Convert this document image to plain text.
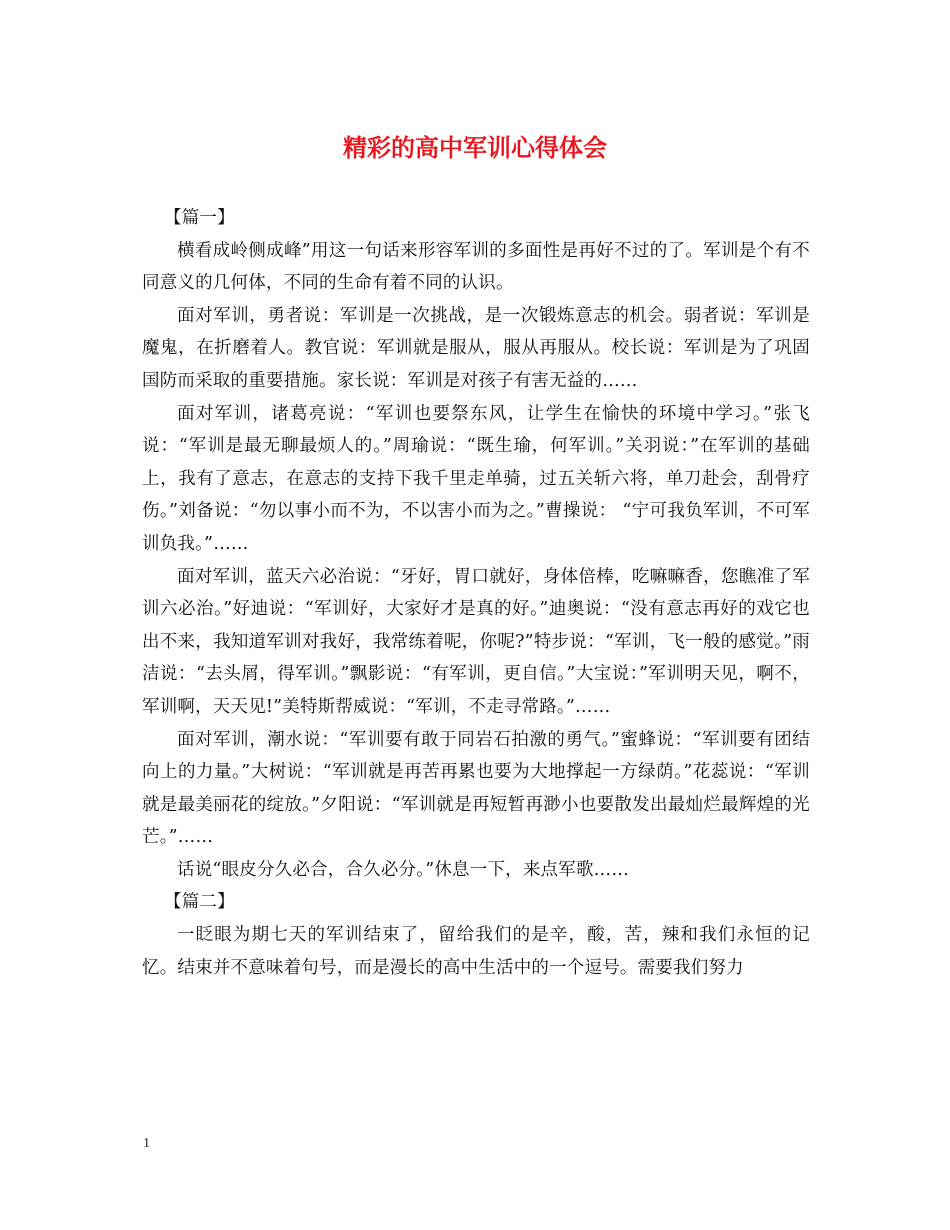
精彩的高中军训心得体会

【篇一】

横看成岭侧成峰”用这一句话来形容军训的多面性是再好不过的了。军训是个有不同意义的几何体，不同的生命有着不同的认识。

面对军训，勇者说：军训是一次挑战，是一次锻炼意志的机会。弱者说：军训是魔鬼，在折磨着人。教官说：军训就是服从，服从再服从。校长说：军训是为了巩固国防而采取的重要措施。家长说：军训是对孩子有害无益的……

面对军训，诸葛亮说：“军训也要祭东风，让学生在愉快的环境中学习。”张飞说：“军训是最无聊最烦人的。”周瑜说：“既生瑜，何军训。”关羽说：”在军训的基础上，我有了意志，在意志的支持下我千里走单骑，过五关斩六将，单刀赴会，刮骨疗伤。”刘备说：“勿以事小而不为，不以害小而为之。”曹操说： “宁可我负军训，不可军训负我。”……

面对军训，蓝天六必治说：“牙好，胃口就好，身体倍棒，吃嘛嘛香，您瞧准了军训六必治。”好迪说：“军训好，大家好才是真的好。”迪奥说：“没有意志再好的戏它也出不来，我知道军训对我好，我常练着呢，你呢?”特步说：“军训，飞一般的感觉。”雨洁说：“去头屑，得军训。”飘影说：“有军训，更自信。”大宝说：”军训明天见，啊不，军训啊，天天见!”美特斯帮威说：“军训，不走寻常路。”……

面对军训，潮水说：“军训要有敢于同岩石拍激的勇气。”蜜蜂说：“军训要有团结向上的力量。”大树说：“军训就是再苦再累也要为大地撑起一方绿荫。”花蕊说：“军训就是最美丽花的绽放。”夕阳说：“军训就是再短暂再渺小也要散发出最灿烂最辉煌的光芒。”……

话说“眼皮分久必合，合久必分。”休息一下，来点军歌……

【篇二】

一眨眼为期七天的军训结束了，留给我们的是辛，酸，苦，辣和我们永恒的记忆。结束并不意味着句号，而是漫长的高中生活中的一个逗号。需要我们努力

1
